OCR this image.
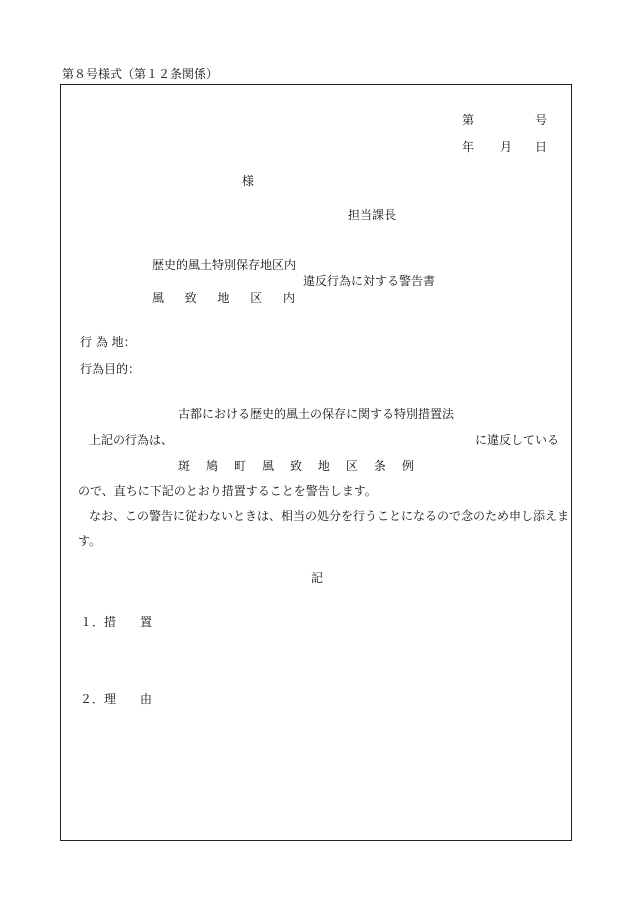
第８号様式（第１２条関係）
第	号
年 月 日
様
担当課長
歴史的風土特別保存地区内
風 致 地 区 内
違反行為に対する警告書
行 為 地：
行為目的：
古都における歴史的風土の保存に関する特別措置法
上記の行為は、	に違反している
斑 鳩 町 風 致 地 区 条 例
ので、直ちに下記のとおり措置することを警告します。
なお、この警告に従わないときは、相当の処分を行うことになるので念のため申し添えま
す。
記
１．措 置
２．理 由
